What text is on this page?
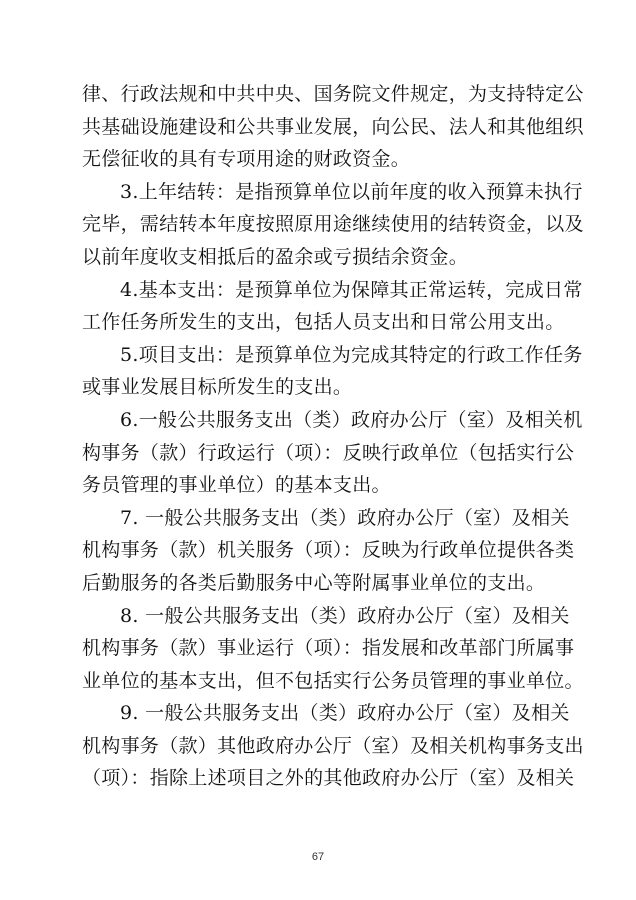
律、行政法规和中共中央、国务院文件规定，为支持特定公
共基础设施建设和公共事业发展，向公民、法人和其他组织
无偿征收的具有专项用途的财政资金。
3.上年结转：是指预算单位以前年度的收入预算未执行
完毕，需结转本年度按照原用途继续使用的结转资金，以及
以前年度收支相抵后的盈余或亏损结余资金。
4.基本支出：是预算单位为保障其正常运转，完成日常
工作任务所发生的支出，包括人员支出和日常公用支出。
5.项目支出：是预算单位为完成其特定的行政工作任务
或事业发展目标所发生的支出。
6.一般公共服务支出（类）政府办公厅（室）及相关机
构事务（款）行政运行（项）：反映行政单位（包括实行公
务员管理的事业单位）的基本支出。
7. 一般公共服务支出（类）政府办公厅（室）及相关
机构事务（款）机关服务（项）：反映为行政单位提供各类
后勤服务的各类后勤服务中心等附属事业单位的支出。
8. 一般公共服务支出（类）政府办公厅（室）及相关
机构事务（款）事业运行（项）：指发展和改革部门所属事
业单位的基本支出，但不包括实行公务员管理的事业单位。
9. 一般公共服务支出（类）政府办公厅（室）及相关
机构事务（款）其他政府办公厅（室）及相关机构事务支出
（项）：指除上述项目之外的其他政府办公厅（室）及相关
67
